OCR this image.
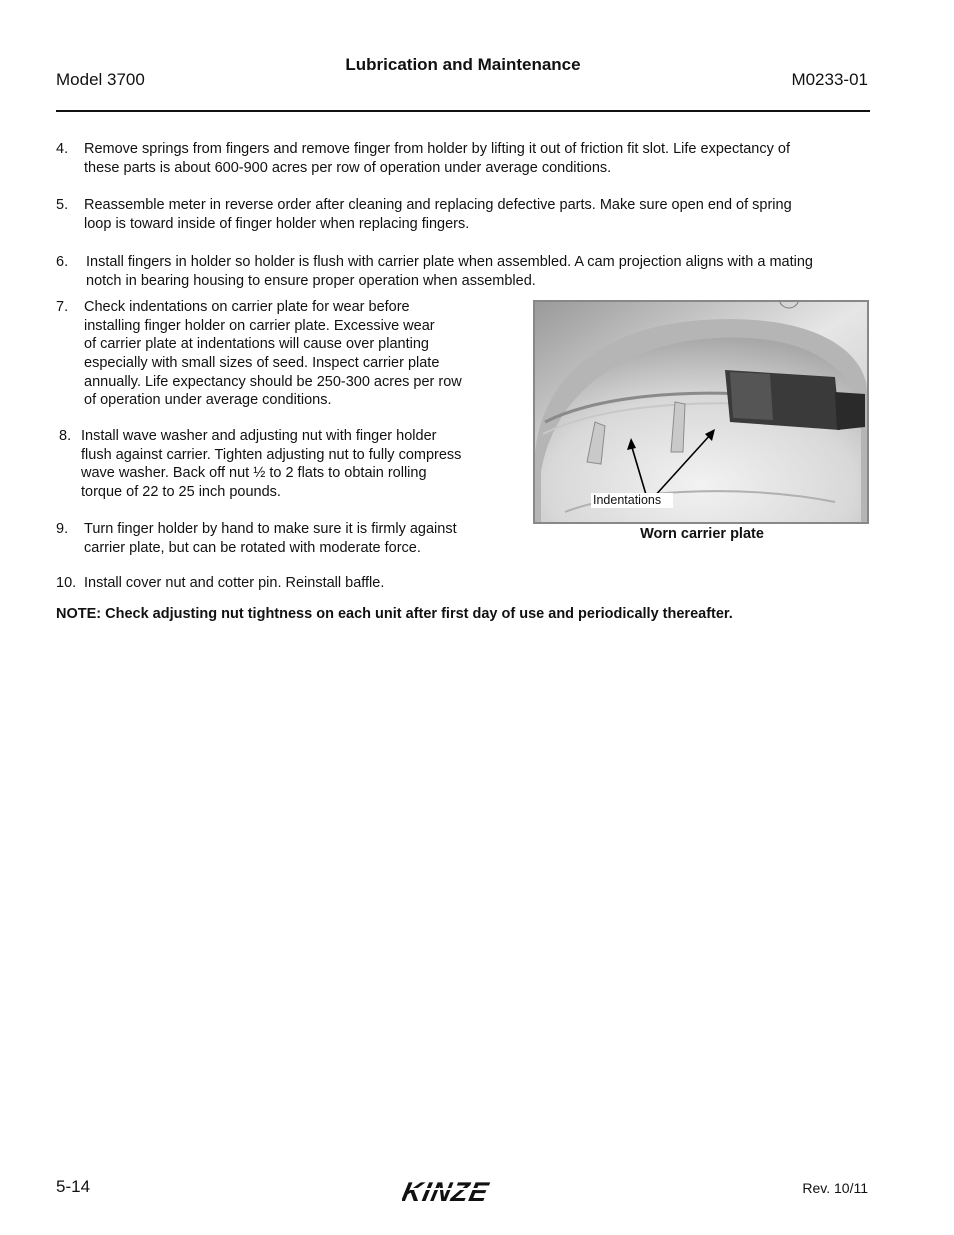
Model 3700
Lubrication and Maintenance
M0233-01
4. Remove springs from fingers and remove finger from holder by lifting it out of friction fit slot. Life expectancy of
these parts is about 600-900 acres per row of operation under average conditions.
5. Reassemble meter in reverse order after cleaning and replacing defective parts. Make sure open end of spring
loop is toward inside of finger holder when replacing fingers.
6. Install fingers in holder so holder is flush with carrier plate when assembled. A cam projection aligns with a mating
notch in bearing housing to ensure proper operation when assembled.
7. Check indentations on carrier plate for wear before
installing finger holder on carrier plate. Excessive wear
of carrier plate at indentations will cause over planting
especially with small sizes of seed. Inspect carrier plate
annually. Life expectancy should be 250-300 acres per row
of operation under average conditions.
8. Install wave washer and adjusting nut with finger holder
flush against carrier. Tighten adjusting nut to fully compress
wave washer. Back off nut ½ to 2 flats to obtain rolling
torque of 22 to 25 inch pounds.
9. Turn finger holder by hand to make sure it is firmly against
carrier plate, but can be rotated with moderate force.
10. Install cover nut and cotter pin. Reinstall baffle.
Indentations
Worn carrier plate
NOTE: Check adjusting nut tightness on each unit after first day of use and periodically thereafter.
5-14	KINZE	Rev. 10/11
